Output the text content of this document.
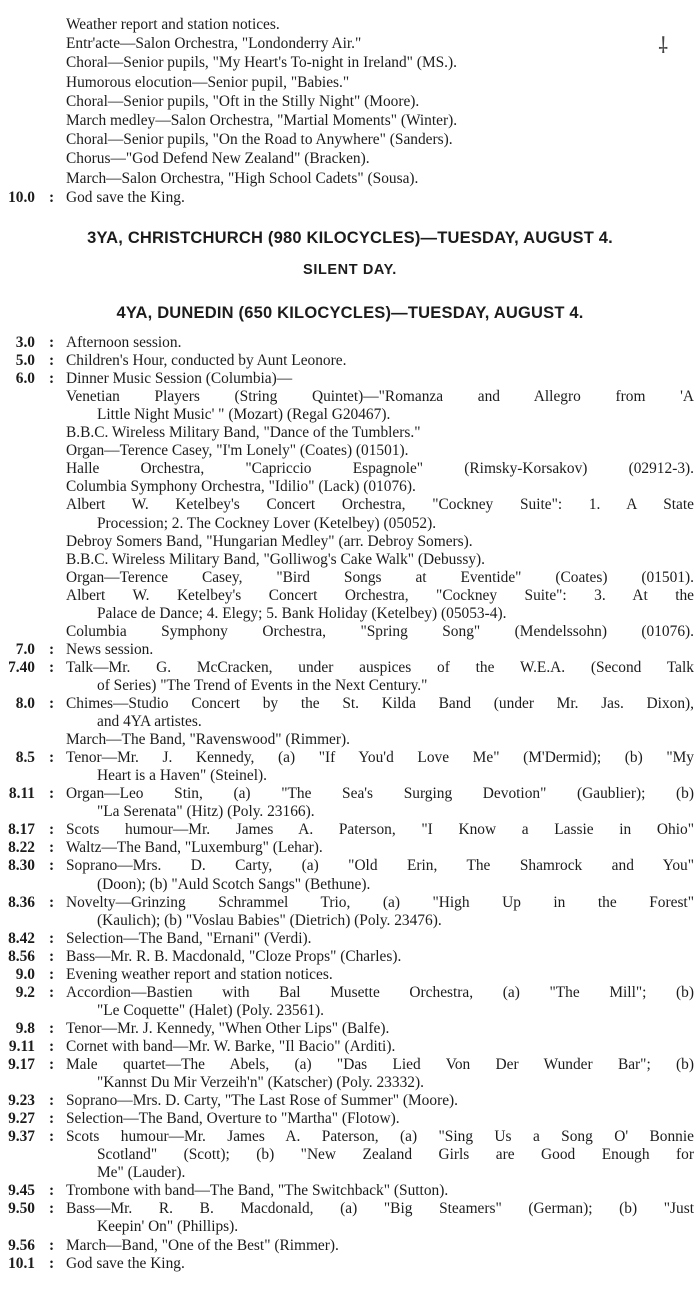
⸸
3YA, CHRISTCHURCH (980 KILOCYCLES)—TUESDAY, AUGUST 4.
SILENT DAY.
4YA, DUNEDIN (650 KILOCYCLES)—TUESDAY, AUGUST 4.
Weather report and station notices.
Entr'acte—Salon Orchestra, "Londonderry Air."
Choral—Senior pupils, "My Heart's To-night in Ireland" (MS.).
Humorous elocution—Senior pupil, "Babies."
Choral—Senior pupils, "Oft in the Stilly Night" (Moore).
March medley—Salon Orchestra, "Martial Moments" (Winter).
Choral—Senior pupils, "On the Road to Anywhere" (Sanders).
Chorus—"God Defend New Zealand" (Bracken).
March—Salon Orchestra, "High School Cadets" (Sousa).
10.0 : God save the King.
3.0 : Afternoon session.
5.0 : Children's Hour, conducted by Aunt Leonore.
6.0 : Dinner Music Session (Columbia)—
Venetian Players (String Quintet)—"Romanza and Allegro from 'A
Little Night Music' " (Mozart) (Regal G20467).
B.B.C. Wireless Military Band, "Dance of the Tumblers."
Organ—Terence Casey, "I'm Lonely" (Coates) (01501).
Halle Orchestra, "Capriccio Espagnole" (Rimsky-Korsakov) (02912-3).
Columbia Symphony Orchestra, "Idilio" (Lack) (01076).
Albert W. Ketelbey's Concert Orchestra, "Cockney Suite": 1. A State
Procession; 2. The Cockney Lover (Ketelbey) (05052).
Debroy Somers Band, "Hungarian Medley" (arr. Debroy Somers).
B.B.C. Wireless Military Band, "Golliwog's Cake Walk" (Debussy).
Organ—Terence Casey, "Bird Songs at Eventide" (Coates) (01501).
Albert W. Ketelbey's Concert Orchestra, "Cockney Suite": 3. At the
Palace de Dance; 4. Elegy; 5. Bank Holiday (Ketelbey) (05053-4).
Columbia Symphony Orchestra, "Spring Song" (Mendelssohn) (01076).
7.0 : News session.
7.40 : Talk—Mr. G. McCracken, under auspices of the W.E.A. (Second Talk
of Series) "The Trend of Events in the Next Century."
8.0 : Chimes—Studio Concert by the St. Kilda Band (under Mr. Jas. Dixon),
and 4YA artistes.
March—The Band, "Ravenswood" (Rimmer).
8.5 : Tenor—Mr. J. Kennedy, (a) "If You'd Love Me" (M'Dermid); (b) "My
Heart is a Haven" (Steinel).
8.11 : Organ—Leo Stin, (a) "The Sea's Surging Devotion" (Gaublier); (b)
"La Serenata" (Hitz) (Poly. 23166).
8.17 : Scots humour—Mr. James A. Paterson, "I Know a Lassie in Ohio"
8.22 : Waltz—The Band, "Luxemburg" (Lehar).
8.30 : Soprano—Mrs. D. Carty, (a) "Old Erin, The Shamrock and You"
(Doon); (b) "Auld Scotch Sangs" (Bethune).
8.36 : Novelty—Grinzing Schrammel Trio, (a) "High Up in the Forest"
(Kaulich); (b) "Voslau Babies" (Dietrich) (Poly. 23476).
8.42 : Selection—The Band, "Ernani" (Verdi).
8.56 : Bass—Mr. R. B. Macdonald, "Cloze Props" (Charles).
9.0 : Evening weather report and station notices.
9.2 : Accordion—Bastien with Bal Musette Orchestra, (a) "The Mill"; (b)
"Le Coquette" (Halet) (Poly. 23561).
9.8 : Tenor—Mr. J. Kennedy, "When Other Lips" (Balfe).
9.11 : Cornet with band—Mr. W. Barke, "Il Bacio" (Arditi).
9.17 : Male quartet—The Abels, (a) "Das Lied Von Der Wunder Bar"; (b)
"Kannst Du Mir Verzeih'n" (Katscher) (Poly. 23332).
9.23 : Soprano—Mrs. D. Carty, "The Last Rose of Summer" (Moore).
9.27 : Selection—The Band, Overture to "Martha" (Flotow).
9.37 : Scots humour—Mr. James A. Paterson, (a) "Sing Us a Song O' Bonnie
Scotland" (Scott); (b) "New Zealand Girls are Good Enough for
Me" (Lauder).
9.45 : Trombone with band—The Band, "The Switchback" (Sutton).
9.50 : Bass—Mr. R. B. Macdonald, (a) "Big Steamers" (German); (b) "Just
Keepin' On" (Phillips).
9.56 : March—Band, "One of the Best" (Rimmer).
10.1 : God save the King.
